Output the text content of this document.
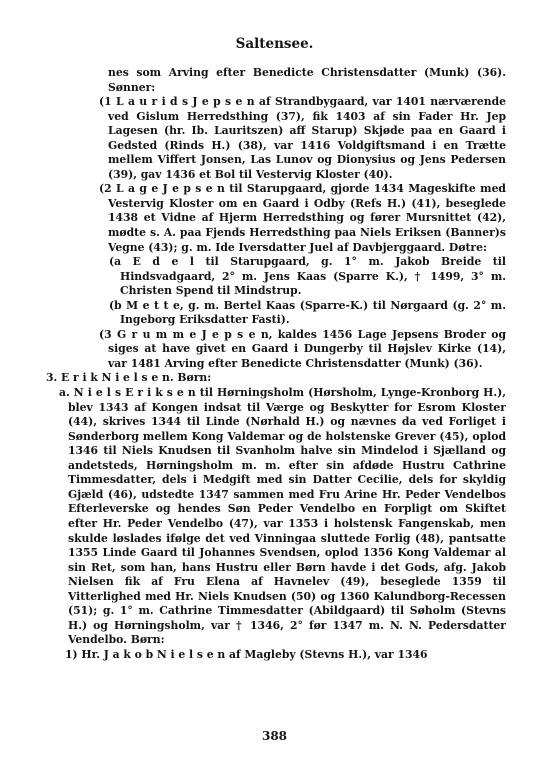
Saltensee.

nes som Arving efter Benedicte Christensdatter (Munk) (36). Sønner:

(1 L a u r i d s J e p s e n af Strandbygaard, var 1401 nærværende ved Gislum Herredsthing (37), fik 1403 af sin Fader Hr. Jep Lagesen (hr. Ib. Lauritszen) aff Starup) Skjøde paa en Gaard i Gedsted (Rinds H.) (38), var 1416 Voldgiftsmand i en Trætte mellem Viffert Jonsen, Las Lunov og Dionysius og Jens Pedersen (39), gav 1436 et Bol til Vestervig Kloster (40).

(2 L a g e J e p s e n til Starupgaard, gjorde 1434 Mageskifte med Vestervig Kloster om en Gaard i Odby (Refs H.) (41), beseglede 1438 et Vidne af Hjerm Herredsthing og fører Mursnittet (42), mødte s. A. paa Fjends Herredsthing paa Niels Eriksen (Banner)s Vegne (43); g. m. Ide Iversdatter Juel af Davbjerggaard. Døtre:

(a E d e l til Starupgaard, g. 1° m. Jakob Breide til Hindsvadgaard, 2° m. Jens Kaas (Sparre K.), † 1499, 3° m. Christen Spend til Mindstrup.

(b M e t t e, g. m. Bertel Kaas (Sparre-K.) til Nørgaard (g. 2° m. Ingeborg Eriksdatter Fasti).

(3 G r u m m e J e p s e n, kaldes 1456 Lage Jepsens Broder og siges at have givet en Gaard i Dungerby til Højslev Kirke (14), var 1481 Arving efter Benedicte Christensdatter (Munk) (36).

3. E r i k N i e l s e n. Børn:

a. N i e l s E r i k s e n til Hørningsholm (Hørsholm, Lynge-Kronborg H.), blev 1343 af Kongen indsat til Værge og Beskytter for Esrom Kloster (44), skrives 1344 til Linde (Nørhald H.) og nævnes da ved Forliget i Sønderborg mellem Kong Valdemar og de holstenske Grever (45), oplod 1346 til Niels Knudsen til Svanholm halve sin Mindelod i Sjælland og andetsteds, Hørningsholm m. m. efter sin afdøde Hustru Cathrine Timmesdatter, dels i Medgift med sin Datter Cecilie, dels for skyldig Gjæld (46), udstedte 1347 sammen med Fru Arine Hr. Peder Vendelbos Efterleverske og hendes Søn Peder Vendelbo en Forpligt om Skiftet efter Hr. Peder Vendelbo (47), var 1353 i holstensk Fangenskab, men skulde løslades ifølge det ved Vinningaa sluttede Forlig (48), pantsatte 1355 Linde Gaard til Johannes Svendsen, oplod 1356 Kong Valdemar al sin Ret, som han, hans Hustru eller Børn havde i det Gods, afg. Jakob Nielsen fik af Fru Elena af Havnelev (49), beseglede 1359 til Vitterlighed med Hr. Niels Knudsen (50) og 1360 Kalundborg-Recessen (51); g. 1° m. Cathrine Timmesdatter (Abildgaard) til Søholm (Stevns H.) og Hørningsholm, var † 1346, 2° før 1347 m. N. N. Pedersdatter Vendelbo. Børn:

1) Hr. J a k o b N i e l s e n af Magleby (Stevns H.), var 1346

388
